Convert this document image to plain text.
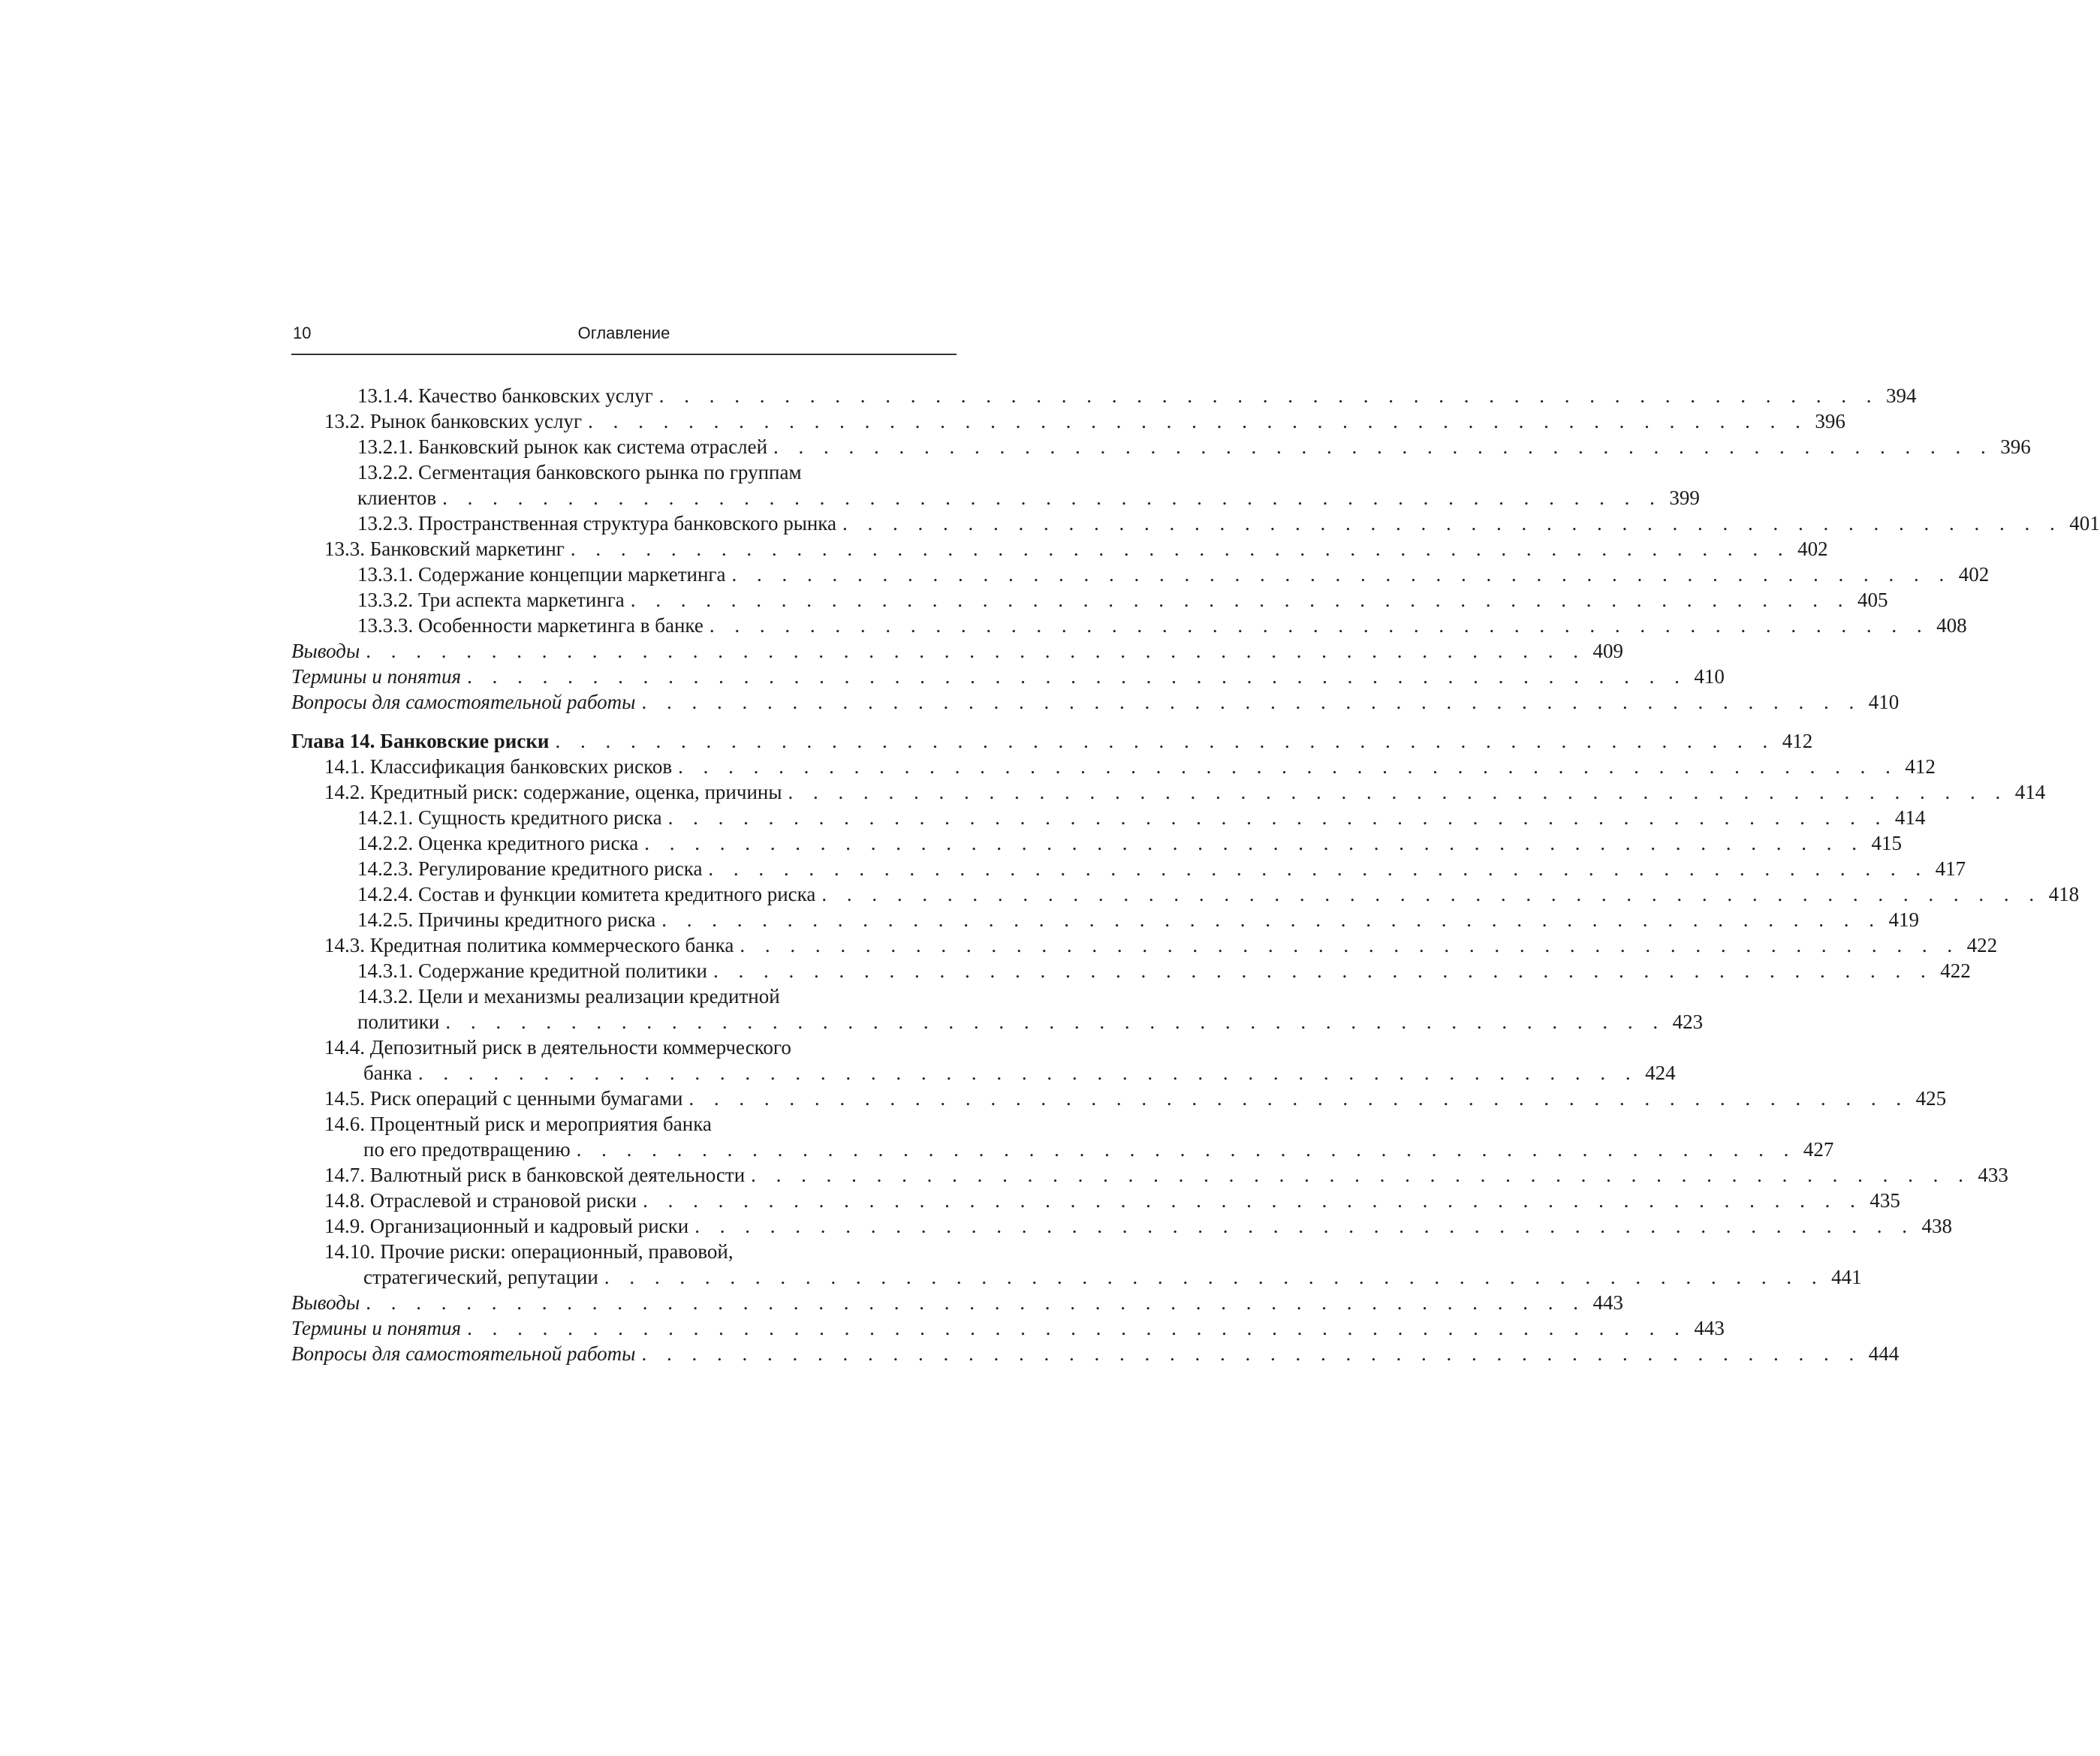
10	Оглавление
13.1.4. Качество банковских услуг . . . . . . . . . . . . . . . . . . . . . . . . . . . . . . . . . . . . . . . . . . . . . . . . . 394
13.2. Рынок банковских услуг . . . . . . . . . . . . . . . . . . . . . . . . . . . . . . . . . . . . . . . . . . . . . . . . . 396
13.2.1. Банковский рынок как система отраслей . . . . . . . . . . . . . . . . . . . . . . . . . . . . . . . . . . . . . . . . . . . . . . . . . 396
13.2.2. Сегментация банковского рынка по группам
клиентов . . . . . . . . . . . . . . . . . . . . . . . . . . . . . . . . . . . . . . . . . . . . . . . . . 399
13.2.3. Пространственная структура банковского рынка . . . . . . . . . . . . . . . . . . . . . . . . . . . . . . . . . . . . . . . . . . . . . . . . . 401
13.3. Банковский маркетинг . . . . . . . . . . . . . . . . . . . . . . . . . . . . . . . . . . . . . . . . . . . . . . . . . 402
13.3.1. Содержание концепции маркетинга . . . . . . . . . . . . . . . . . . . . . . . . . . . . . . . . . . . . . . . . . . . . . . . . . 402
13.3.2. Три аспекта маркетинга . . . . . . . . . . . . . . . . . . . . . . . . . . . . . . . . . . . . . . . . . . . . . . . . . 405
13.3.3. Особенности маркетинга в банке . . . . . . . . . . . . . . . . . . . . . . . . . . . . . . . . . . . . . . . . . . . . . . . . . 408
Выводы . . . . . . . . . . . . . . . . . . . . . . . . . . . . . . . . . . . . . . . . . . . . . . . . . 409
Термины и понятия . . . . . . . . . . . . . . . . . . . . . . . . . . . . . . . . . . . . . . . . . . . . . . . . . 410
Вопросы для самостоятельной работы . . . . . . . . . . . . . . . . . . . . . . . . . . . . . . . . . . . . . . . . . . . . . . . . . 410
Глава 14. Банковские риски . . . . . . . . . . . . . . . . . . . . . . . . . . . . . . . . . . . . . . . . . . . . . . . . . 412
14.1. Классификация банковских рисков . . . . . . . . . . . . . . . . . . . . . . . . . . . . . . . . . . . . . . . . . . . . . . . . . 412
14.2. Кредитный риск: содержание, оценка, причины . . . . . . . . . . . . . . . . . . . . . . . . . . . . . . . . . . . . . . . . . . . . . . . . . 414
14.2.1. Сущность кредитного риска . . . . . . . . . . . . . . . . . . . . . . . . . . . . . . . . . . . . . . . . . . . . . . . . . 414
14.2.2. Оценка кредитного риска . . . . . . . . . . . . . . . . . . . . . . . . . . . . . . . . . . . . . . . . . . . . . . . . . 415
14.2.3. Регулирование кредитного риска . . . . . . . . . . . . . . . . . . . . . . . . . . . . . . . . . . . . . . . . . . . . . . . . . 417
14.2.4. Состав и функции комитета кредитного риска . . . . . . . . . . . . . . . . . . . . . . . . . . . . . . . . . . . . . . . . . . . . . . . . . 418
14.2.5. Причины кредитного риска . . . . . . . . . . . . . . . . . . . . . . . . . . . . . . . . . . . . . . . . . . . . . . . . . 419
14.3. Кредитная политика коммерческого банка . . . . . . . . . . . . . . . . . . . . . . . . . . . . . . . . . . . . . . . . . . . . . . . . . 422
14.3.1. Содержание кредитной политики . . . . . . . . . . . . . . . . . . . . . . . . . . . . . . . . . . . . . . . . . . . . . . . . . 422
14.3.2. Цели и механизмы реализации кредитной
политики . . . . . . . . . . . . . . . . . . . . . . . . . . . . . . . . . . . . . . . . . . . . . . . . . 423
14.4. Депозитный риск в деятельности коммерческого
банка . . . . . . . . . . . . . . . . . . . . . . . . . . . . . . . . . . . . . . . . . . . . . . . . . 424
14.5. Риск операций с ценными бумагами . . . . . . . . . . . . . . . . . . . . . . . . . . . . . . . . . . . . . . . . . . . . . . . . . 425
14.6. Процентный риск и мероприятия банка
по его предотвращению . . . . . . . . . . . . . . . . . . . . . . . . . . . . . . . . . . . . . . . . . . . . . . . . . 427
14.7. Валютный риск в банковской деятельности . . . . . . . . . . . . . . . . . . . . . . . . . . . . . . . . . . . . . . . . . . . . . . . . . 433
14.8. Отраслевой и страновой риски . . . . . . . . . . . . . . . . . . . . . . . . . . . . . . . . . . . . . . . . . . . . . . . . . 435
14.9. Организационный и кадровый риски . . . . . . . . . . . . . . . . . . . . . . . . . . . . . . . . . . . . . . . . . . . . . . . . . 438
14.10. Прочие риски: операционный, правовой,
стратегический, репутации . . . . . . . . . . . . . . . . . . . . . . . . . . . . . . . . . . . . . . . . . . . . . . . . . 441
Выводы . . . . . . . . . . . . . . . . . . . . . . . . . . . . . . . . . . . . . . . . . . . . . . . . . 443
Термины и понятия . . . . . . . . . . . . . . . . . . . . . . . . . . . . . . . . . . . . . . . . . . . . . . . . . 443
Вопросы для самостоятельной работы . . . . . . . . . . . . . . . . . . . . . . . . . . . . . . . . . . . . . . . . . . . . . . . . . 444
